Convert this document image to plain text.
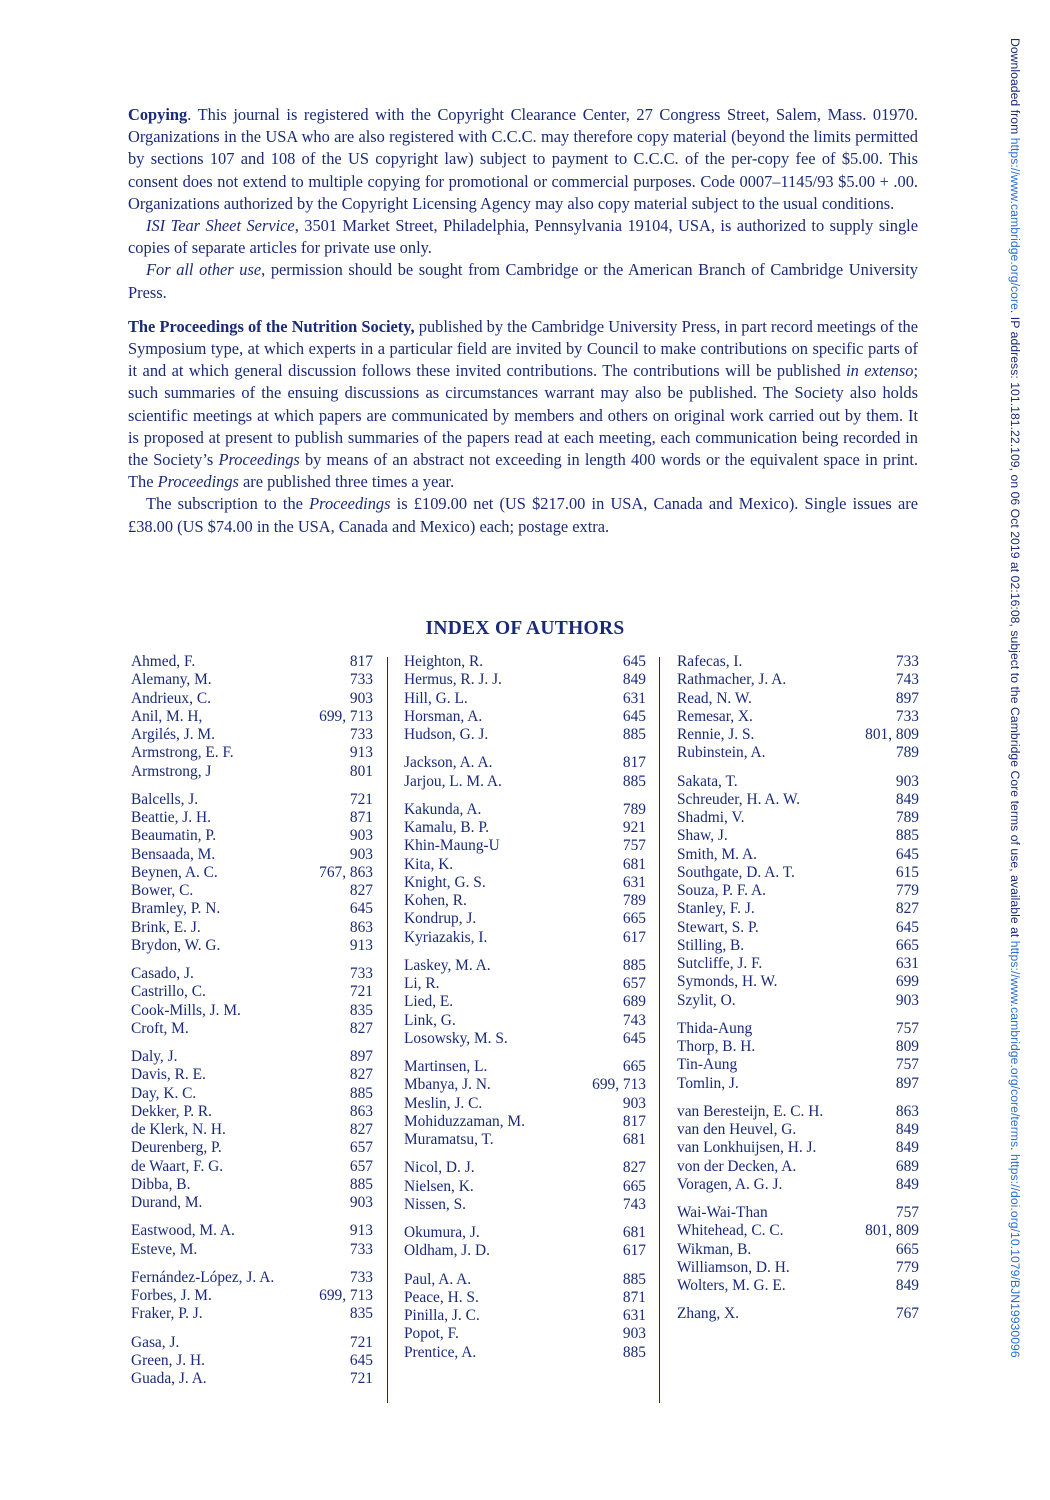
Downloaded from https://www.cambridge.org/core. IP address: 101.181.22.109, on 06 Oct 2019 at 02:16:08, subject to the Cambridge Core terms of use, available at https://www.cambridge.org/core/terms. https://doi.org/10.1079/BJN19930096

Copying. This journal is registered with the Copyright Clearance Center, 27 Congress Street, Salem, Mass. 01970. Organizations in the USA who are also registered with C.C.C. may therefore copy material (beyond the limits permitted by sections 107 and 108 of the US copyright law) subject to payment to C.C.C. of the per-copy fee of $5.00. This consent does not extend to multiple copying for promotional or commercial purposes. Code 0007–1145/93 $5.00 + .00. Organizations authorized by the Copyright Licensing Agency may also copy material subject to the usual conditions.

ISI Tear Sheet Service, 3501 Market Street, Philadelphia, Pennsylvania 19104, USA, is authorized to supply single copies of separate articles for private use only.

For all other use, permission should be sought from Cambridge or the American Branch of Cambridge University Press.

The Proceedings of the Nutrition Society, published by the Cambridge University Press, in part record meetings of the Symposium type, at which experts in a particular field are invited by Council to make contributions on specific parts of it and at which general discussion follows these invited contributions. The contributions will be published in extenso; such summaries of the ensuing discussions as circumstances warrant may also be published. The Society also holds scientific meetings at which papers are communicated by members and others on original work carried out by them. It is proposed at present to publish summaries of the papers read at each meeting, each communication being recorded in the Society’s Proceedings by means of an abstract not exceeding in length 400 words or the equivalent space in print. The Proceedings are published three times a year.

The subscription to the Proceedings is £109.00 net (US $217.00 in USA, Canada and Mexico). Single issues are £38.00 (US $74.00 in the USA, Canada and Mexico) each; postage extra.

INDEX OF AUTHORS
Ahmed, F.	817
Alemany, M.	733
Andrieux, C.	903
Anil, M. H,	699, 713
Argilés, J. M.	733
Armstrong, E. F.	913
Armstrong, J	801
Balcells, J.	721
Beattie, J. H.	871
Beaumatin, P.	903
Bensaada, M.	903
Beynen, A. C.	767, 863
Bower, C.	827
Bramley, P. N.	645
Brink, E. J.	863
Brydon, W. G.	913
Casado, J.	733
Castrillo, C.	721
Cook-Mills, J. M.	835
Croft, M.	827
Daly, J.	897
Davis, R. E.	827
Day, K. C.	885
Dekker, P. R.	863
de Klerk, N. H.	827
Deurenberg, P.	657
de Waart, F. G.	657
Dibba, B.	885
Durand, M.	903
Eastwood, M. A.	913
Esteve, M.	733
Fernández-López, J. A.	733
Forbes, J. M.	699, 713
Fraker, P. J.	835
Gasa, J.	721
Green, J. H.	645
Guada, J. A.	721
Heighton, R.	645
Hermus, R. J. J.	849
Hill, G. L.	631
Horsman, A.	645
Hudson, G. J.	885
Jackson, A. A.	817
Jarjou, L. M. A.	885
Kakunda, A.	789
Kamalu, B. P.	921
Khin-Maung-U	757
Kita, K.	681
Knight, G. S.	631
Kohen, R.	789
Kondrup, J.	665
Kyriazakis, I.	617
Laskey, M. A.	885
Li, R.	657
Lied, E.	689
Link, G.	743
Losowsky, M. S.	645
Martinsen, L.	665
Mbanya, J. N.	699, 713
Meslin, J. C.	903
Mohiduzzaman, M.	817
Muramatsu, T.	681
Nicol, D. J.	827
Nielsen, K.	665
Nissen, S.	743
Okumura, J.	681
Oldham, J. D.	617
Paul, A. A.	885
Peace, H. S.	871
Pinilla, J. C.	631
Popot, F.	903
Prentice, A.	885
Rafecas, I.	733
Rathmacher, J. A.	743
Read, N. W.	897
Remesar, X.	733
Rennie, J. S.	801, 809
Rubinstein, A.	789
Sakata, T.	903
Schreuder, H. A. W.	849
Shadmi, V.	789
Shaw, J.	885
Smith, M. A.	645
Southgate, D. A. T.	615
Souza, P. F. A.	779
Stanley, F. J.	827
Stewart, S. P.	645
Stilling, B.	665
Sutcliffe, J. F.	631
Symonds, H. W.	699
Szylit, O.	903
Thida-Aung	757
Thorp, B. H.	809
Tin-Aung	757
Tomlin, J.	897
van Beresteijn, E. C. H.	863
van den Heuvel, G.	849
van Lonkhuijsen, H. J.	849
von der Decken, A.	689
Voragen, A. G. J.	849
Wai-Wai-Than	757
Whitehead, C. C.	801, 809
Wikman, B.	665
Williamson, D. H.	779
Wolters, M. G. E.	849
Zhang, X.	767
